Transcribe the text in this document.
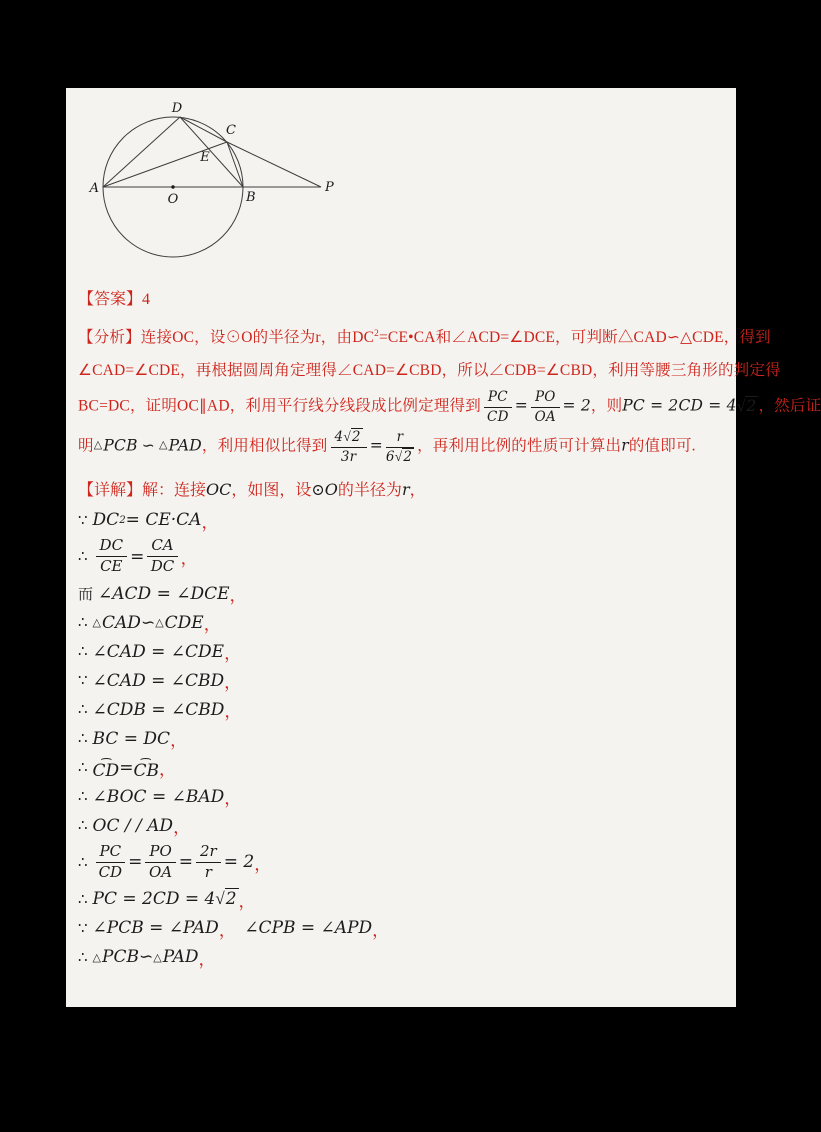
D
C
E
A
B
O
P
【答案】4
【分析】连接OC，设⊙O的半径为r，由$DC^2=CE•CA$和∠ACD=∠DCE，可判断△CAD∽△CDE，得到
∠CAD=∠CDE，再根据圆周角定理得∠CAD=∠CBD，所以∠CDB=∠CBD，利用等腰三角形的判定得
BC=DC，证明OC∥AD，利用平行线分线段成比例定理得到 $\frac{PC}{CD} = \frac{PO}{OA} = 2$，则PC = 2CD = 4√2 ，然后证
明△PCB ∽ △PAD，利用相似比得到 $\frac{4√2}{3r} = \frac{r}{6√2}$ ，再利用比例的性质可计算出r的值即可.
【详解】解：连接OC，如图，设⊙O的半径为r，
∵ DC 2 = CE·CA ，
∴ $\frac{DC}{CE} = \frac{CA}{DC}$ ，
而 ∠ACD = ∠DCE ，
∴ △ CAD ∽ △ CDE ，
∴ ∠CAD = ∠CDE ，
∵ ∠CAD = ∠CBD ，
∴ ∠CDB = ∠CBD ，
∴ BC = DC ，
∴
⌢
CD = ⌢
CB ，
∴ ∠BOC = ∠BAD ，
∴ OC / / AD ，
∴ $\frac{PC}{CD} = \frac{PO}{OA} = \frac{2r}{r} = 2$ ，
∴ PC = 2CD = 4 √2 ，
∵ ∠PCB = ∠PAD ，
∠CPB = ∠APD ，
∴ △ PCB ∽ △ PAD ，
